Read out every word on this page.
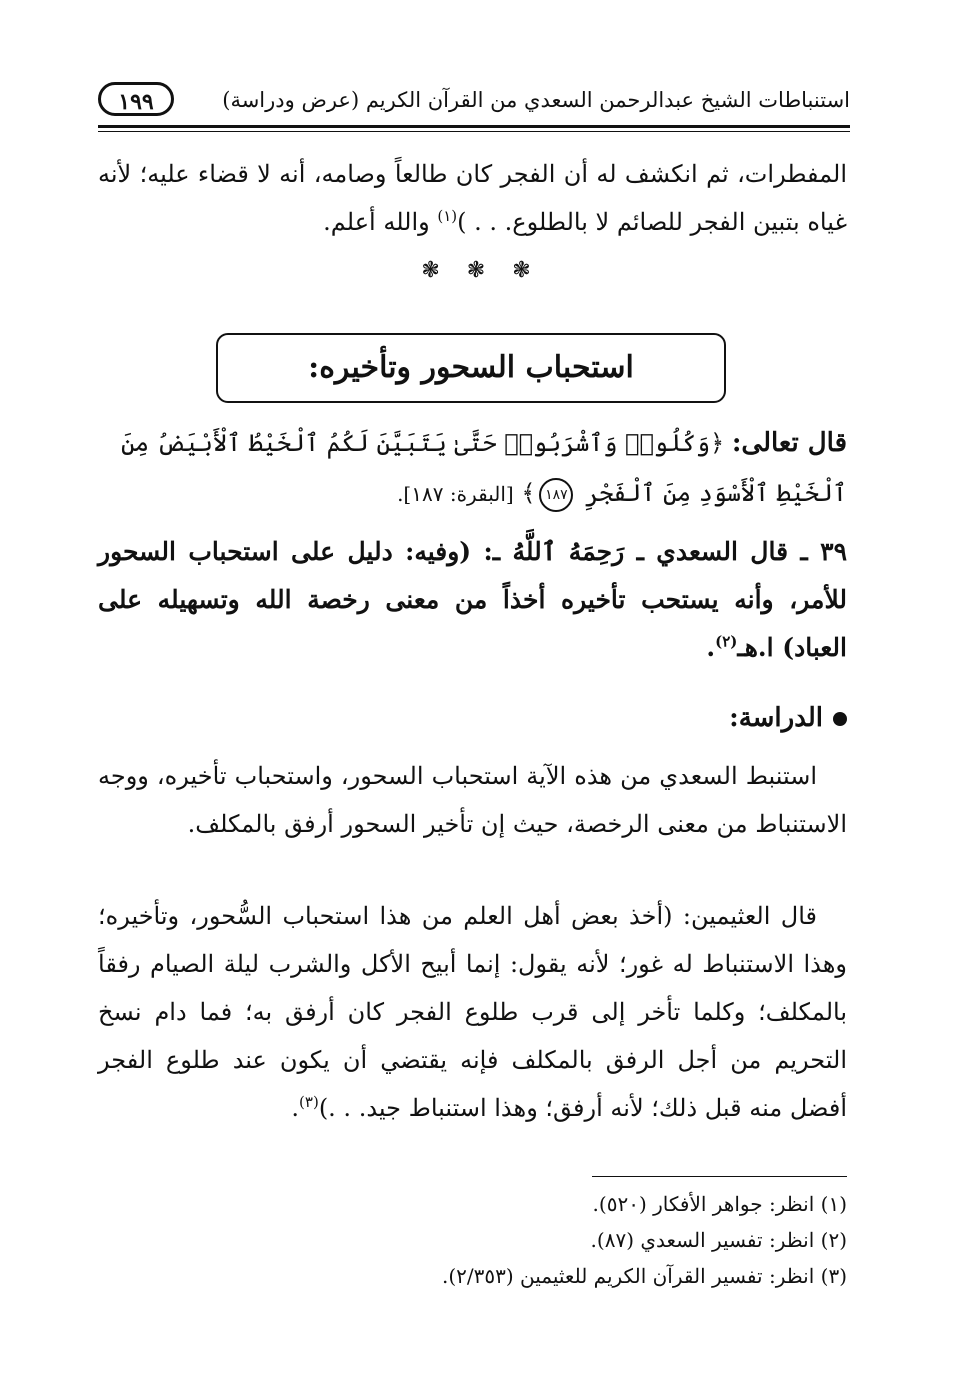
استنباطات الشيخ عبدالرحمن السعدي من القرآن الكريم (عرض ودراسة)
١٩٩
المفطرات، ثم انكشف له أن الفجر كان طالعاً وصامه، أنه لا قضاء عليه؛ لأنه غياه بتبين الفجر للصائم لا بالطلوع. . . )$^{(١)}$ والله أعلم.
❃ ❃ ❃
استحباب السحور وتأخيره:
قال تعالى: ﴿وَكُلُوا۟ وَٱشْرَبُوا۟ حَتَّىٰ يَتَبَيَّنَ لَكُمُ ٱلْخَيْطُ ٱلْأَبْيَضُ مِنَ ٱلْخَيْطِ ٱلْأَسْوَدِ مِنَ ٱلْفَجْرِ ١٨٧﴾ [البقرة: ١٨٧].
٣٩ ـ قال السعدي ـ رَحِمَهُ ٱللَّهُ ـ: (وفيه: دليل على استحباب السحور للأمر، وأنه يستحب تأخيره أخذاً من معنى رخصة الله وتسهيله على العباد) ا.هـ$^{(٢)}$.
الدراسة:
استنبط السعدي من هذه الآية استحباب السحور، واستحباب تأخيره، ووجه الاستنباط من معنى الرخصة، حيث إن تأخير السحور أرفق بالمكلف.
قال العثيمين: (أخذ بعض أهل العلم من هذا استحباب السُّحور، وتأخيره؛ وهذا الاستنباط له غور؛ لأنه يقول: إنما أبيح الأكل والشرب ليلة الصيام رفقاً بالمكلف؛ وكلما تأخر إلى قرب طلوع الفجر كان أرفق به؛ فما دام نسخ التحريم من أجل الرفق بالمكلف فإنه يقتضي أن يكون عند طلوع الفجر أفضل منه قبل ذلك؛ لأنه أرفق؛ وهذا استنباط جيد. . .)$^{(٣)}$.
(١) انظر: جواهر الأفكار (٥٢٠).
(٢) انظر: تفسير السعدي (٨٧).
(٣) انظر: تفسير القرآن الكريم للعثيمين (٢/٣٥٣).
